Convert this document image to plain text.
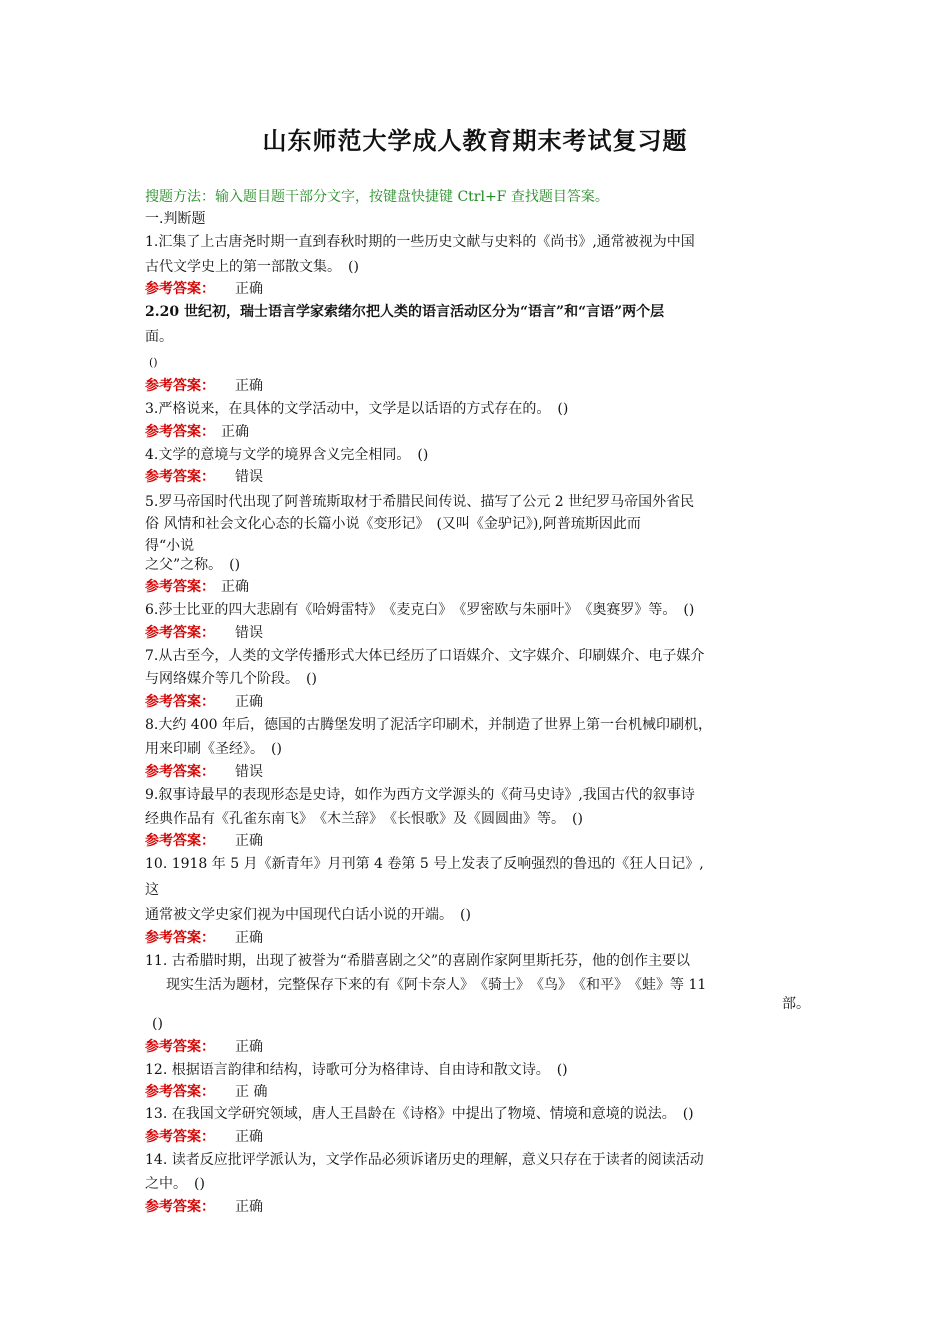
山东师范大学成人教育期末考试复习题
搜题方法：输入题目题干部分文字，按键盘快捷键 Ctrl+F 查找题目答案。
一.判断题
1.汇集了上古唐尧时期一直到春秋时期的一些历史文献与史料的《尚书》,通常被视为中国
古代文学史上的第一部散文集。　()
参考答案： 正确
2.20 世纪初，瑞士语言学家索绪尔把人类的语言活动区分为“语言”和“言语”两个层
面。
()
参考答案： 正确
3.严格说来，在具体的文学活动中，文学是以话语的方式存在的。　()
参考答案： 正确
4.文学的意境与文学的境界含义完全相同。　()
参考答案： 错误
5.罗马帝国时代出现了阿普琉斯取材于希腊民间传说、描写了公元 2 世纪罗马帝国外省民
俗 风情和社会文化心态的长篇小说《变形记》　(又叫《金驴记》),阿普琉斯因此而
得“小说
之父”之称。　()
参考答案： 正确
6.莎士比亚的四大悲剧有《哈姆雷特》　《麦克白》　《罗密欧与朱丽叶》　《奥赛罗》等。　()
参考答案： 错误
7.从古至今，人类的文学传播形式大体已经历了口语媒介、文字媒介、印刷媒介、电子媒介
与网络媒介等几个阶段。　()
参考答案： 正确
8.大约 400 年后，德国的古腾堡发明了泥活字印刷术，并制造了世界上第一台机械印刷机，
用来印刷《圣经》。　()
参考答案： 错误
9.叙事诗最早的表现形态是史诗，如作为西方文学源头的《荷马史诗》,我国古代的叙事诗
经典作品有《孔雀东南飞》　《木兰辞》　《长恨歌》及《圆圆曲》等。　()
参考答案： 正确
10. 1918 年 5 月《新青年》月刊第 4 卷第 5 号上发表了反响强烈的鲁迅的《狂人日记》,
这
通常被文学史家们视为中国现代白话小说的开端。　()
参考答案： 正确
11. 古希腊时期，出现了被誉为“希腊喜剧之父”的喜剧作家阿里斯托芬，他的创作主要以
现实生活为题材，完整保存下来的有《阿卡奈人》　《骑士》　《鸟》　《和平》　《蛙》等 11
部。
()
参考答案： 正确
12. 根据语言韵律和结构，诗歌可分为格律诗、自由诗和散文诗。　()
参考答案： 正 确
13. 在我国文学研究领域，唐人王昌龄在《诗格》中提出了物境、情境和意境的说法。　()
参考答案： 正确
14. 读者反应批评学派认为，文学作品必须诉诸历史的理解，意义只存在于读者的阅读活动
之中。　()
参考答案： 正确
